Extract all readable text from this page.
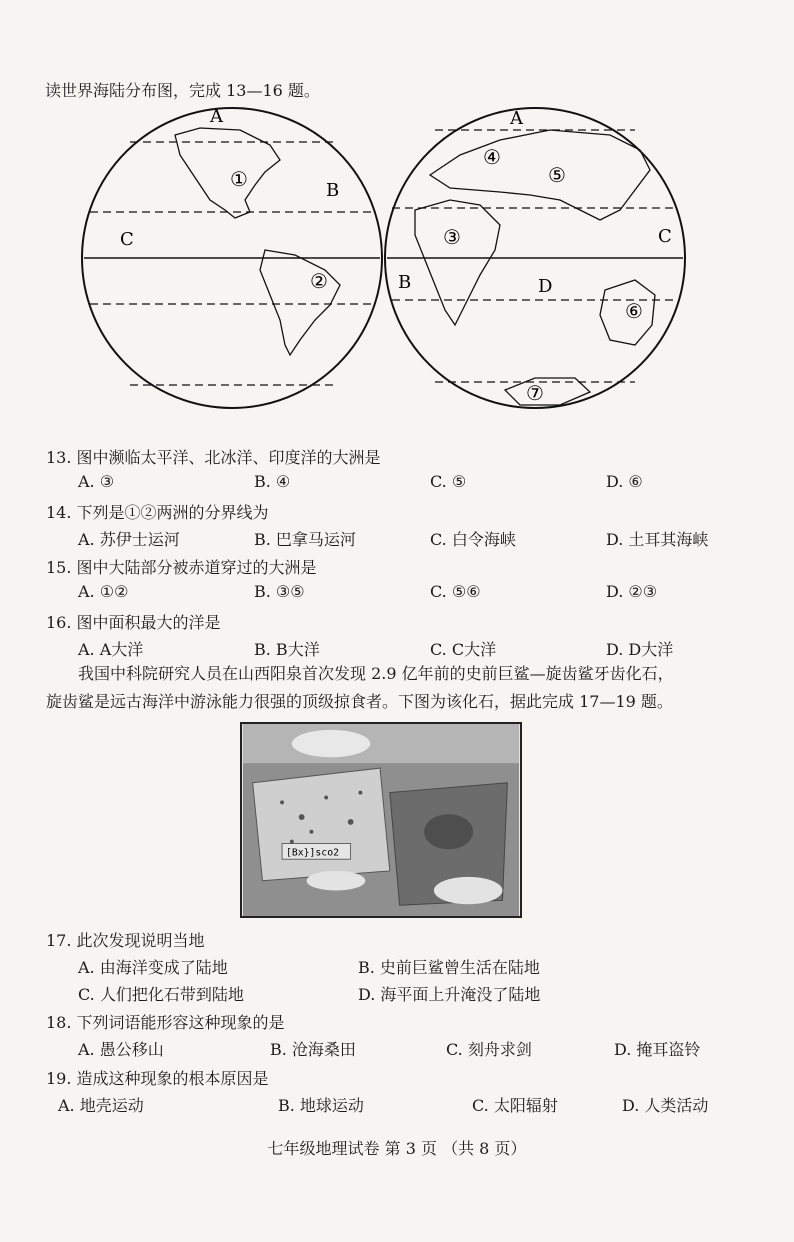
读世界海陆分布图，完成 13—16 题。
A
①	B
C
②
A
④
⑤
③	C
B	D
⑥
⑦
13. 图中濒临太平洋、北冰洋、印度洋的大洲是
A. ③	B. ④	C. ⑤	D. ⑥
14. 下列是①②两洲的分界线为
A. 苏伊士运河	B. 巴拿马运河	C. 白令海峡	D. 土耳其海峡
15. 图中大陆部分被赤道穿过的大洲是
A. ①②	B. ③⑤	C. ⑤⑥	D. ②③
16. 图中面积最大的洋是
A. A大洋	B. B大洋	C. C大洋	D. D大洋
我国中科院研究人员在山西阳泉首次发现 2.9 亿年前的史前巨鲨—旋齿鲨牙齿化石，
旋齿鲨是远古海洋中游泳能力很强的顶级掠食者。下图为该化石，据此完成 17—19 题。
[Bx}]sco2
17. 此次发现说明当地
A. 由海洋变成了陆地	B. 史前巨鲨曾生活在陆地
C. 人们把化石带到陆地	D. 海平面上升淹没了陆地
18. 下列词语能形容这种现象的是
A. 愚公移山	B. 沧海桑田	C. 刻舟求剑	D. 掩耳盗铃
19. 造成这种现象的根本原因是
A. 地壳运动	B. 地球运动	C. 太阳辐射	D. 人类活动
七年级地理试卷 第 3 页 （共 8 页）
